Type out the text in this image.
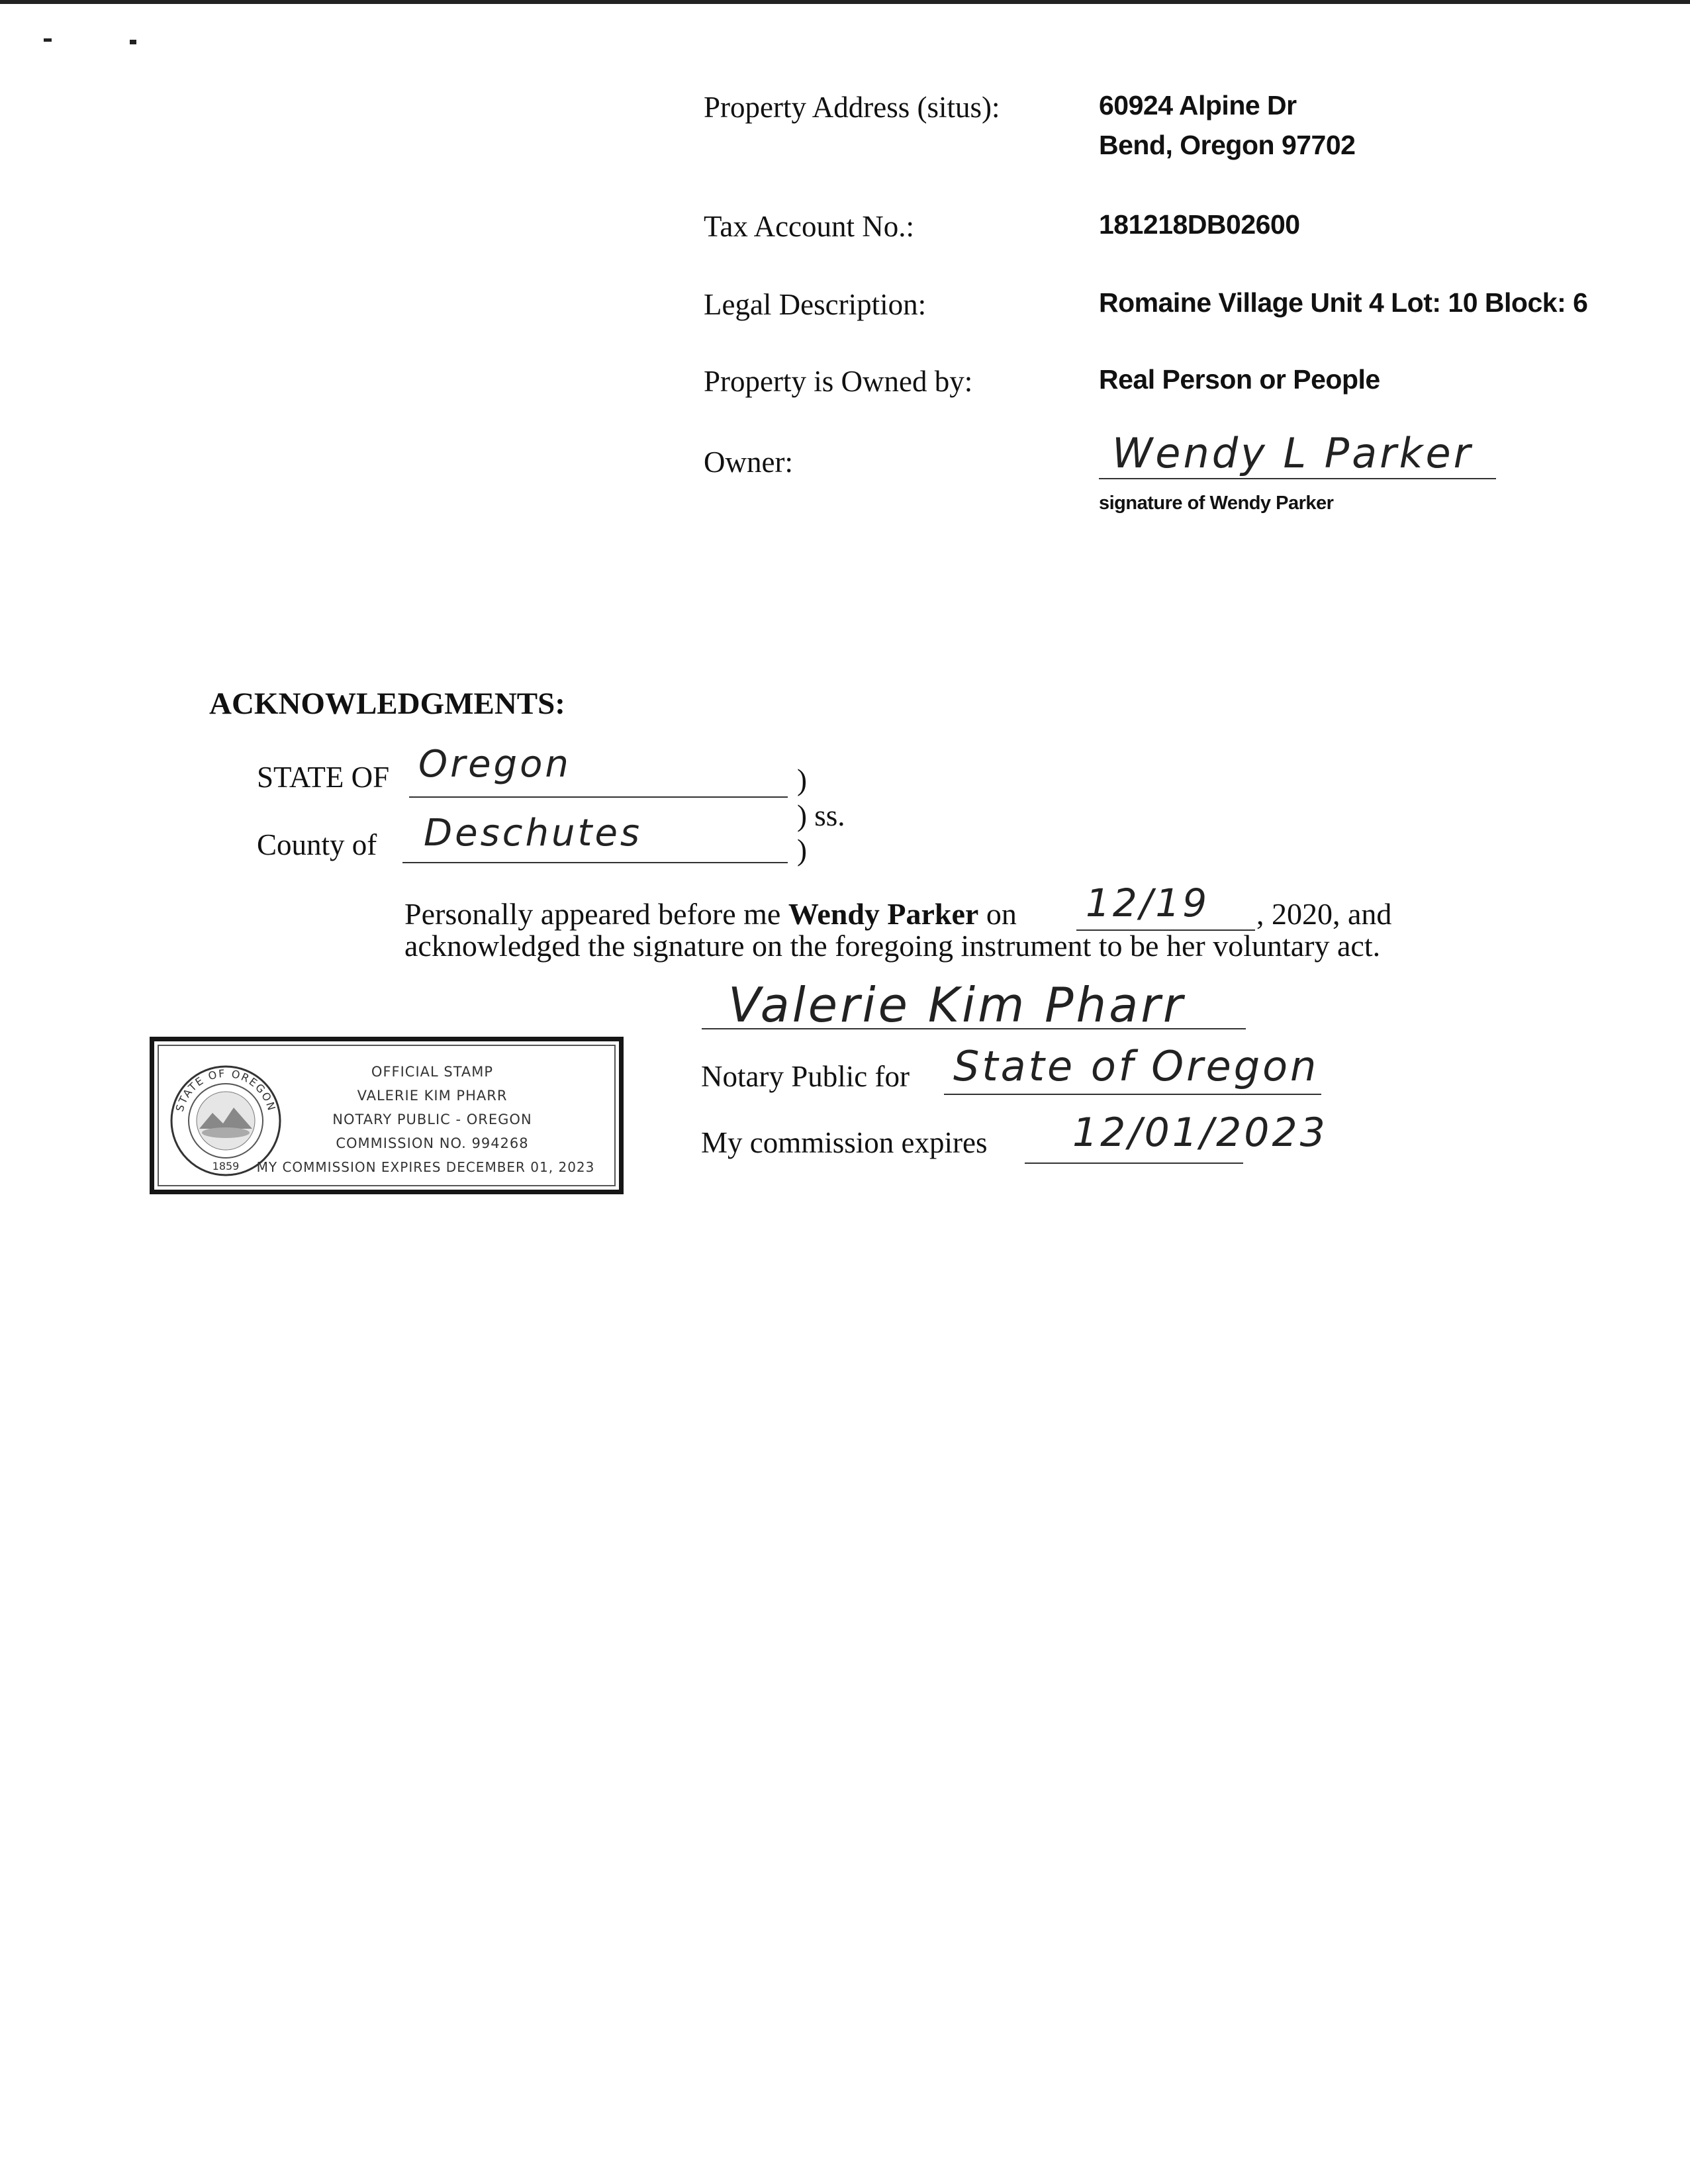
Property Address (situs):	60924 Alpine Dr
Bend, Oregon 97702
Tax Account No.:	181218DB02600
Legal Description:	Romaine Village Unit 4 Lot: 10 Block: 6
Property is Owned by:	Real Person or People
Owner:	Wendy L Parker
signature of Wendy Parker
ACKNOWLEDGMENTS:
STATE OF Oregon
County of Deschutes
)
) ss.
)
Personally appeared before me Wendy Parker on 12/19 , 2020, and
acknowledged the signature on the foregoing instrument to be her voluntary act.
Valerie Kim Pharr
Notary Public for State of Oregon
My commission expires 12/01/2023
STATE OF OREGON
1859
OFFICIAL STAMP
VALERIE KIM PHARR
NOTARY PUBLIC - OREGON
COMMISSION NO. 994268
MY COMMISSION EXPIRES DECEMBER 01, 2023
